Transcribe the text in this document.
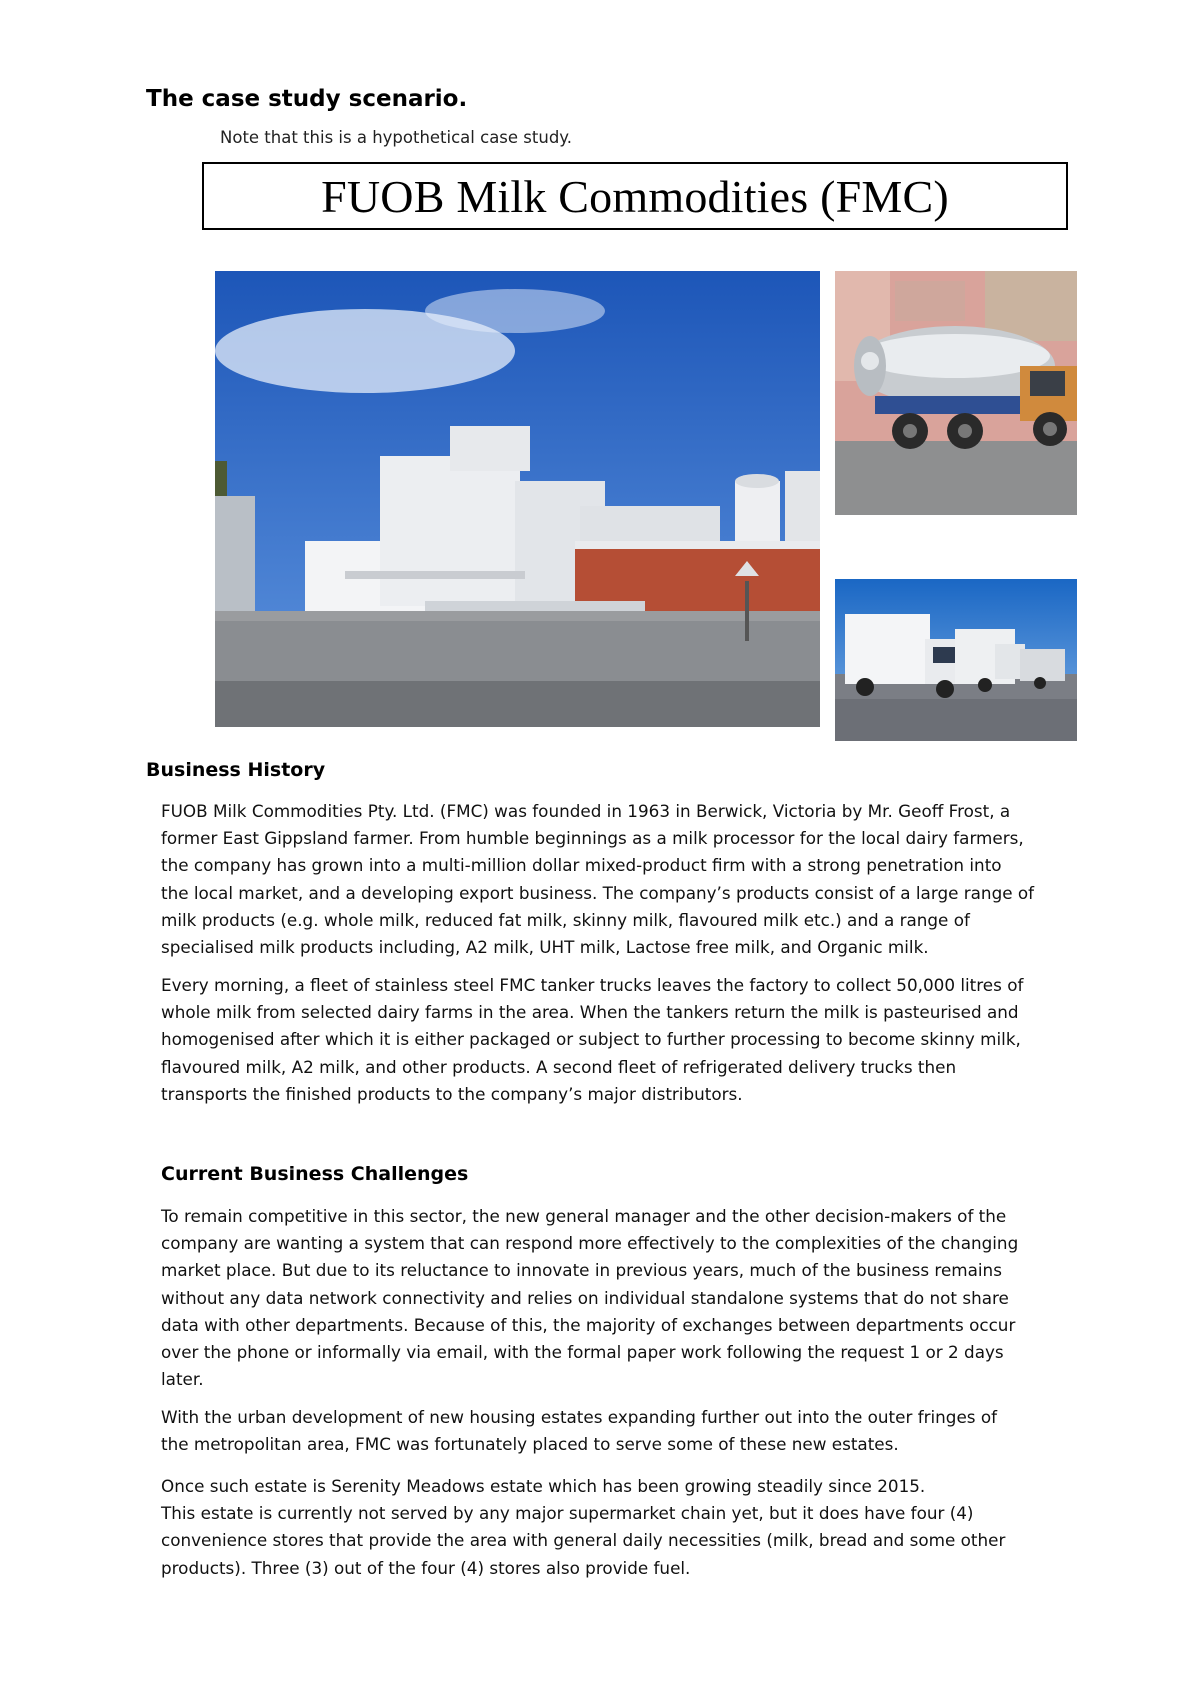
The case study scenario.

Note that this is a hypothetical case study.

FUOB Milk Commodities (FMC)
Business History

FUOB Milk Commodities Pty. Ltd. (FMC) was founded in 1963 in Berwick, Victoria by Mr. Geoff Frost, a
former East Gippsland farmer. From humble beginnings as a milk processor for the local dairy farmers,
the company has grown into a multi-million dollar mixed-product firm with a strong penetration into
the local market, and a developing export business. The company’s products consist of a large range of
milk products (e.g. whole milk, reduced fat milk, skinny milk, flavoured milk etc.) and a range of
specialised milk products including, A2 milk, UHT milk, Lactose free milk, and Organic milk.

Every morning, a fleet of stainless steel FMC tanker trucks leaves the factory to collect 50,000 litres of
whole milk from selected dairy farms in the area. When the tankers return the milk is pasteurised and
homogenised after which it is either packaged or subject to further processing to become skinny milk,
flavoured milk, A2 milk, and other products. A second fleet of refrigerated delivery trucks then
transports the finished products to the company’s major distributors.

Current Business Challenges

To remain competitive in this sector, the new general manager and the other decision-makers of the
company are wanting a system that can respond more effectively to the complexities of the changing
market place. But due to its reluctance to innovate in previous years, much of the business remains
without any data network connectivity and relies on individual standalone systems that do not share
data with other departments. Because of this, the majority of exchanges between departments occur
over the phone or informally via email, with the formal paper work following the request 1 or 2 days
later.

With the urban development of new housing estates expanding further out into the outer fringes of
the metropolitan area, FMC was fortunately placed to serve some of these new estates.

Once such estate is Serenity Meadows estate which has been growing steadily since 2015.
This estate is currently not served by any major supermarket chain yet, but it does have four (4)
convenience stores that provide the area with general daily necessities (milk, bread and some other
products). Three (3) out of the four (4) stores also provide fuel.
